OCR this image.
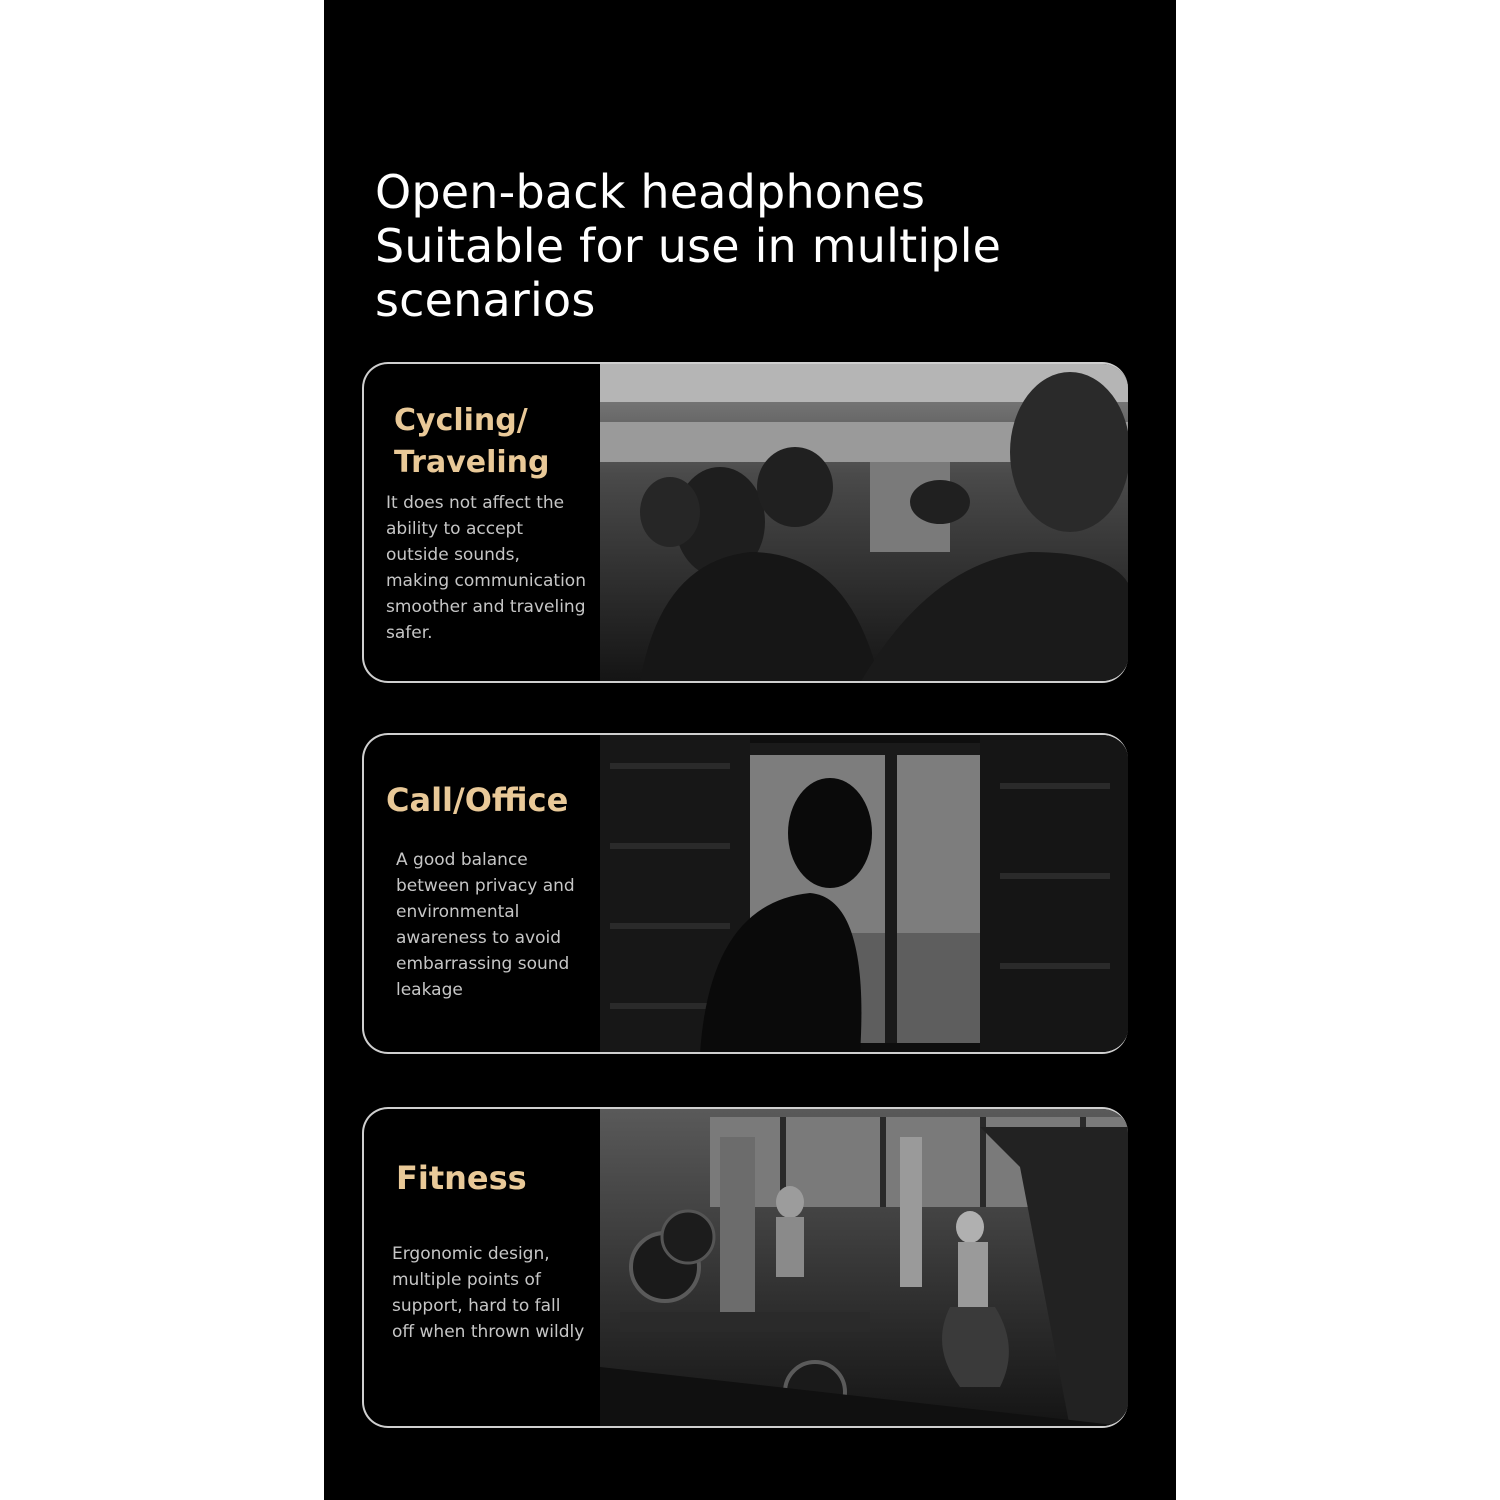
Open-back headphones
Suitable for use in multiple
scenarios
Cycling/
Traveling
It does not affect the
ability to accept
outside sounds,
making communication
smoother and traveling
safer.
Call/Office
A good balance
between privacy and
environmental
awareness to avoid
embarrassing sound
leakage
Fitness
Ergonomic design,
multiple points of
support, hard to fall
off when thrown wildly
